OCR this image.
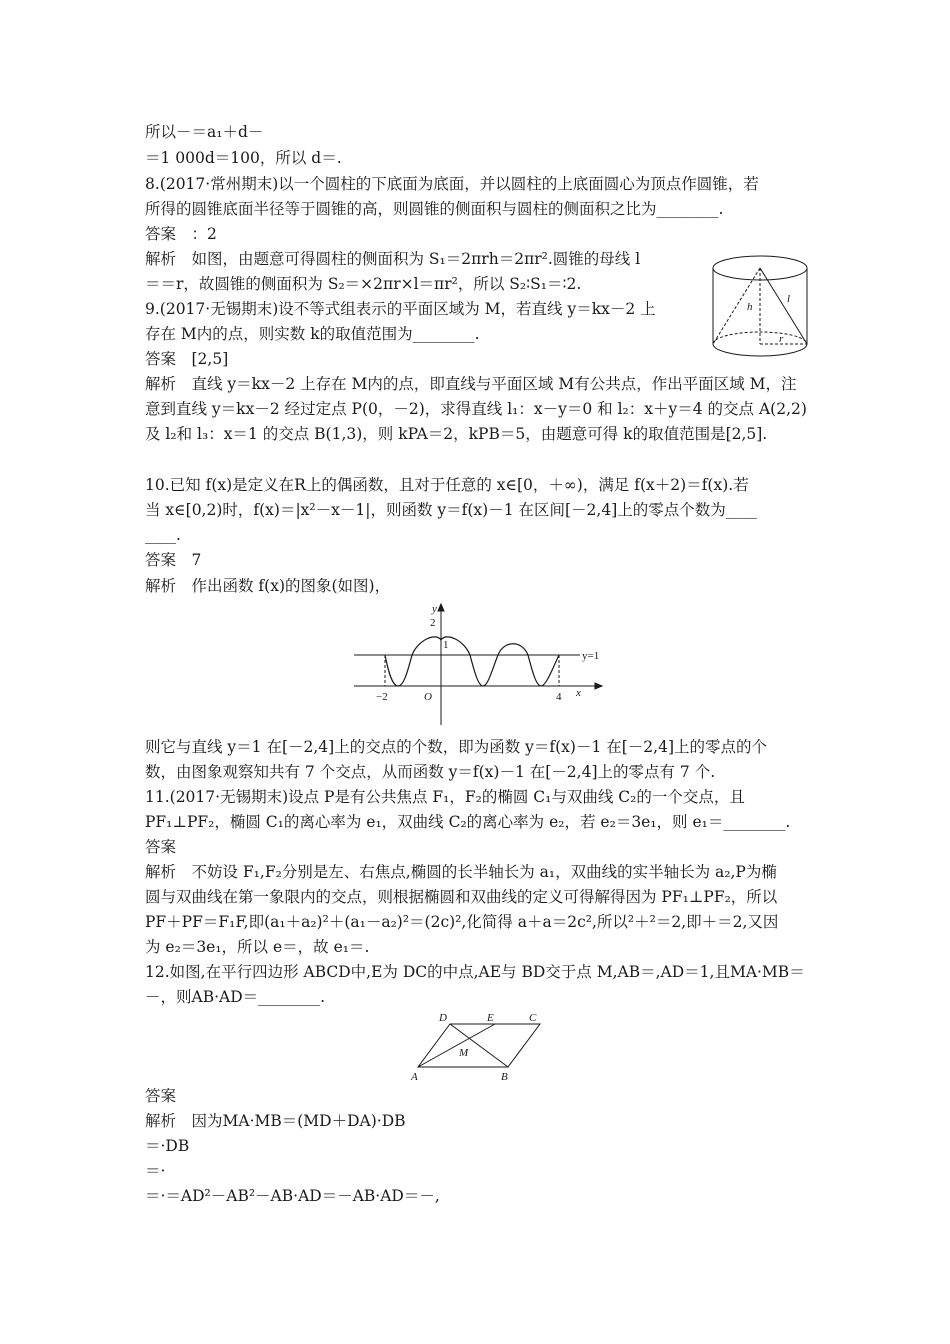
所以－＝a₁＋d－
＝1 000d＝100，所以 d＝.
8.(2017·常州期末)以一个圆柱的下底面为底面，并以圆柱的上底面圆心为顶点作圆锥，若
所得的圆锥底面半径等于圆锥的高，则圆锥的侧面积与圆柱的侧面积之比为________.
答案　：2
解析　如图，由题意可得圆柱的侧面积为 S₁＝2πrh＝2πr².圆锥的母线 l
＝＝r，故圆锥的侧面积为 S₂＝×2πr×l＝πr²，所以 S₂∶S₁＝∶2.
9.(2017·无锡期末)设不等式组表示的平面区域为 M，若直线 y＝kx－2 上
存在 M内的点，则实数 k的取值范围为________.
答案　[2,5]
解析　直线 y＝kx－2 上存在 M内的点，即直线与平面区域 M有公共点，作出平面区域 M，注
意到直线 y＝kx－2 经过定点 P(0，－2)，求得直线 l₁：x－y＝0 和 l₂：x＋y＝4 的交点 A(2,2)
及 l₂和 l₃：x＝1 的交点 B(1,3)，则 kPA＝2，kPB＝5，由题意可得 k的取值范围是[2,5].
10.已知 f(x)是定义在R上的偶函数，且对于任意的 x∈[0，＋∞)，满足 f(x＋2)＝f(x).若
当 x∈[0,2)时，f(x)＝|x²－x－1|，则函数 y＝f(x)－1 在区间[－2,4]上的零点个数为____
____.
答案　7
解析　作出函数 f(x)的图象(如图)，
则它与直线 y＝1 在[－2,4]上的交点的个数，即为函数 y＝f(x)－1 在[－2,4]上的零点的个
数，由图象观察知共有 7 个交点，从而函数 y＝f(x)－1 在[－2,4]上的零点有 7 个.
11.(2017·无锡期末)设点 P是有公共焦点 F₁，F₂的椭圆 C₁与双曲线 C₂的一个交点，且
PF₁⊥PF₂，椭圆 C₁的离心率为 e₁，双曲线 C₂的离心率为 e₂，若 e₂＝3e₁，则 e₁＝________.
答案
解析　不妨设 F₁,F₂分别是左、右焦点,椭圆的长半轴长为 a₁，双曲线的实半轴长为 a₂,P为椭
圆与双曲线在第一象限内的交点，则根据椭圆和双曲线的定义可得解得因为 PF₁⊥PF₂，所以
PF＋PF＝F₁F,即(a₁＋a₂)²＋(a₁－a₂)²＝(2c)²,化简得 a＋a＝2c²,所以²＋²＝2,即＋＝2,又因
为 e₂＝3e₁，所以 e＝，故 e₁＝.
12.如图,在平行四边形 ABCD中,E为 DC的中点,AE与 BD交于点 M,AB＝,AD＝1,且MA·MB＝
－，则AB·AD＝________.
答案
解析　因为MA·MB＝(MD＋DA)·DB
＝·DB
＝·
＝·＝AD²－AB²－AB·AD＝－AB·AD＝－,
h
l
r
y
2
1
y=1
−2	O	4 x
D	E	C
M
A	B
